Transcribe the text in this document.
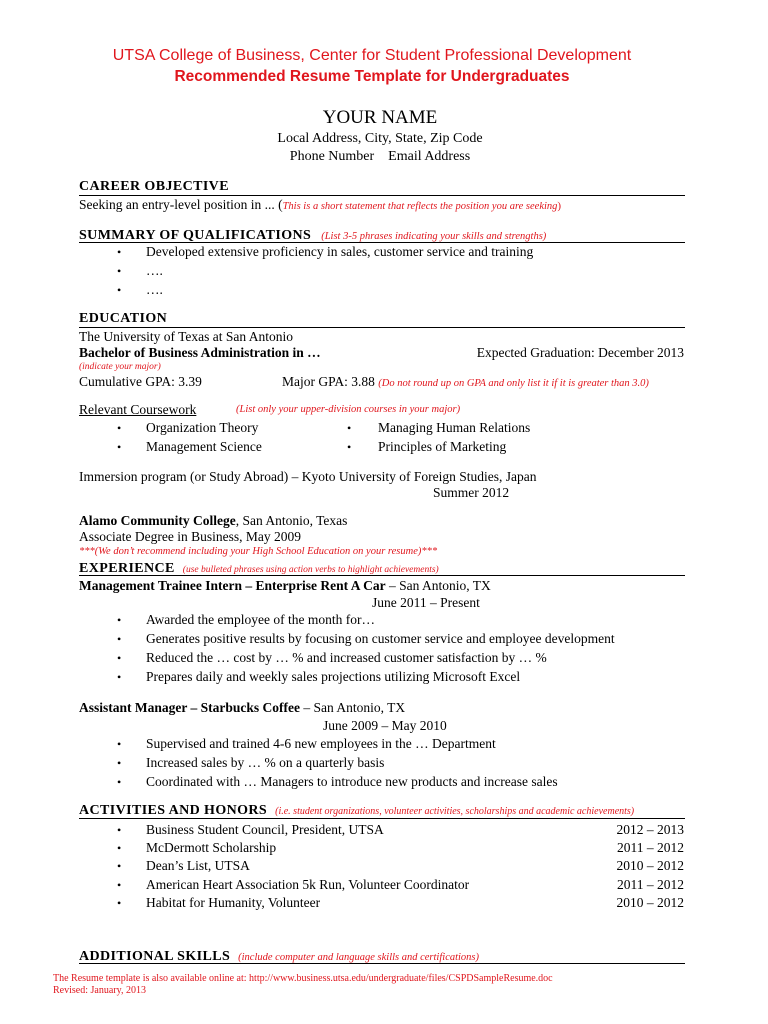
UTSA College of Business, Center for Student Professional Development
Recommended Resume Template for Undergraduates
YOUR NAME
Local Address, City, State, Zip Code
Phone Number    Email Address
CAREER OBJECTIVE
Seeking an entry-level position in ... (This is a short statement that reflects the position you are seeking)
SUMMARY OF QUALIFICATIONS (List 3-5 phrases indicating your skills and strengths)
• Developed extensive proficiency in sales, customer service and training
• ….
• ….
EDUCATION
The University of Texas at San Antonio
Bachelor of Business Administration in …	Expected Graduation: December 2013
(indicate your major)
Cumulative GPA: 3.39	Major GPA: 3.88 (Do not round up on GPA and only list it if it is greater than 3.0)
Relevant Coursework	(List only your upper-division courses in your major)
• Organization Theory	• Managing Human Relations
• Management Science	• Principles of Marketing
Immersion program (or Study Abroad) – Kyoto University of Foreign Studies, Japan
Summer 2012
Alamo Community College, San Antonio, Texas
Associate Degree in Business, May 2009
***(We don’t recommend including your High School Education on your resume)***
EXPERIENCE (use bulleted phrases using action verbs to highlight achievements)
Management Trainee Intern – Enterprise Rent A Car – San Antonio, TX
June 2011 – Present
• Awarded the employee of the month for…
• Generates positive results by focusing on customer service and employee development
• Reduced the … cost by … % and increased customer satisfaction by … %
• Prepares daily and weekly sales projections utilizing Microsoft Excel
Assistant Manager – Starbucks Coffee – San Antonio, TX
June 2009 – May 2010
• Supervised and trained 4-6 new employees in the … Department
• Increased sales by … % on a quarterly basis
• Coordinated with … Managers to introduce new products and increase sales
ACTIVITIES AND HONORS (i.e. student organizations, volunteer activities, scholarships and academic achievements)
• Business Student Council, President, UTSA	2012 – 2013
• McDermott Scholarship	2011 – 2012
• Dean’s List, UTSA	2010 – 2012
• American Heart Association 5k Run, Volunteer Coordinator	2011 – 2012
• Habitat for Humanity, Volunteer	2010 – 2012
ADDITIONAL SKILLS (include computer and language skills and certifications)
The Resume template is also available online at: http://www.business.utsa.edu/undergraduate/files/CSPDSampleResume.doc
Revised: January, 2013
